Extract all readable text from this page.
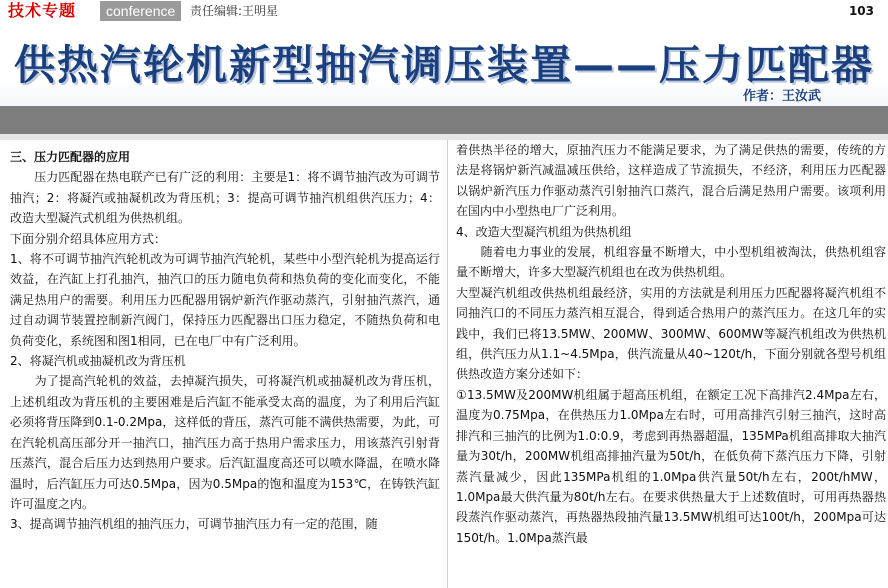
技术专题	conference	责任编辑:王明星	103
供热汽轮机新型抽汽调压装置——压力匹配器
作者：王汝武

三、压力匹配器的应用

　　压力匹配器在热电联产已有广泛的利用：主要是1：将不调节抽汽改为可调节抽汽；2：将凝汽或抽凝机改为背压机；3：提高可调节抽汽机组供汽压力；4：改造大型凝汽式机组为供热机组。

下面分别介绍具体应用方式：

1、将不可调节抽汽汽轮机改为可调节抽汽汽轮机，某些中小型汽轮机为提高运行效益，在汽缸上打孔抽汽，抽汽口的压力随电负荷和热负荷的变化而变化，不能满足热用户的需要。利用压力匹配器用锅炉新汽作驱动蒸汽，引射抽汽蒸汽，通过自动调节装置控制新汽阀门，保持压力匹配器出口压力稳定，不随热负荷和电负荷变化，系统图和图1相同，已在电厂中有广泛利用。

2、将凝汽机或抽凝机改为背压机

　　为了提高汽轮机的效益，去掉凝汽损失，可将凝汽机或抽凝机改为背压机，上述机组改为背压机的主要困难是后汽缸不能承受太高的温度，为了利用后汽缸必须将背压降到0.1-0.2Mpa，这样低的背压，蒸汽可能不满供热需要，为此，可在汽轮机高压部分开一抽汽口，抽汽压力高于热用户需求压力，用该蒸汽引射背压蒸汽，混合后压力达到热用户要求。后汽缸温度高还可以喷水降温，在喷水降温时，后汽缸压力可达0.5Mpa，因为0.5Mpa的饱和温度为153℃，在铸铁汽缸许可温度之内。

3、提高调节抽汽机组的抽汽压力，可调节抽汽压力有一定的范围，随

着供热半径的增大，原抽汽压力不能满足要求，为了满足供热的需要，传统的方法是将锅炉新汽减温减压供给，这样造成了节流损失，不经济，利用压力匹配器以锅炉新汽压力作驱动蒸汽引射抽汽口蒸汽，混合后满足热用户需要。该项利用在国内中小型热电厂广泛利用。

4、改造大型凝汽机组为供热机组

　　随着电力事业的发展，机组容量不断增大，中小型机组被淘汰，供热机组容量不断增大，许多大型凝汽机组也在改为供热机组。

大型凝汽机组改供热机组最经济，实用的方法就是利用压力匹配器将凝汽机组不同抽汽口的不同压力蒸汽相互混合，得到适合热用户的蒸汽压力。在这几年的实践中，我们已将13.5MW、200MW、300MW、600MW等凝汽机组改为供热机组，供汽压力从1.1~4.5Mpa，供汽流量从40~120t/h，下面分别就各型号机组供热改造方案分述如下：

①13.5MW及200MW机组属于超高压机组，在额定工况下高排汽2.4Mpa左右，温度为0.75Mpa，在供热压力1.0Mpa左右时，可用高排汽引射三抽汽，这时高排汽和三抽汽的比例为1.0:0.9，考虑到再热器超温，135MPa机组高排取大抽汽量为30t/h，200MW机组高排抽汽量为50t/h，在低负荷下蒸汽压力下降，引射蒸汽量减少，因此135MPa机组的1.0Mpa供汽量50t/h左右，200t/hMW，1.0Mpa最大供汽量为80t/h左右。在要求供热量大于上述数值时，可用再热器热段蒸汽作驱动蒸汽，再热器热段抽汽量13.5MW机组可达100t/h，200Mpa可达150t/h。1.0Mpa蒸汽最
